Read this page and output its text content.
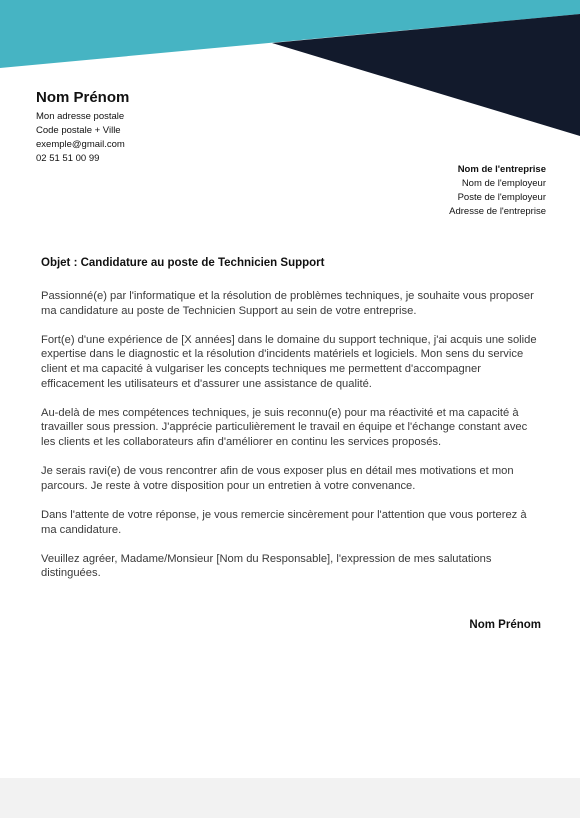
Nom Prénom
Mon adresse postale
Code postale + Ville
exemple@gmail.com
02 51 51 00 99
Nom de l'entreprise
Nom de l'employeur
Poste de l'employeur
Adresse de l'entreprise
Objet : Candidature au poste de Technicien Support

Passionné(e) par l'informatique et la résolution de problèmes techniques, je souhaite vous proposer ma candidature au poste de Technicien Support au sein de votre entreprise.

Fort(e) d'une expérience de [X années] dans le domaine du support technique, j'ai acquis une solide expertise dans le diagnostic et la résolution d'incidents matériels et logiciels. Mon sens du service client et ma capacité à vulgariser les concepts techniques me permettent d'accompagner efficacement les utilisateurs et d'assurer une assistance de qualité.

Au-delà de mes compétences techniques, je suis reconnu(e) pour ma réactivité et ma capacité à travailler sous pression. J'apprécie particulièrement le travail en équipe et l'échange constant avec les clients et les collaborateurs afin d'améliorer en continu les services proposés.

Je serais ravi(e) de vous rencontrer afin de vous exposer plus en détail mes motivations et mon parcours. Je reste à votre disposition pour un entretien à votre convenance.

Dans l'attente de votre réponse, je vous remercie sincèrement pour l'attention que vous porterez à ma candidature.

Veuillez agréer, Madame/Monsieur [Nom du Responsable], l'expression de mes salutations distinguées.

Nom Prénom
